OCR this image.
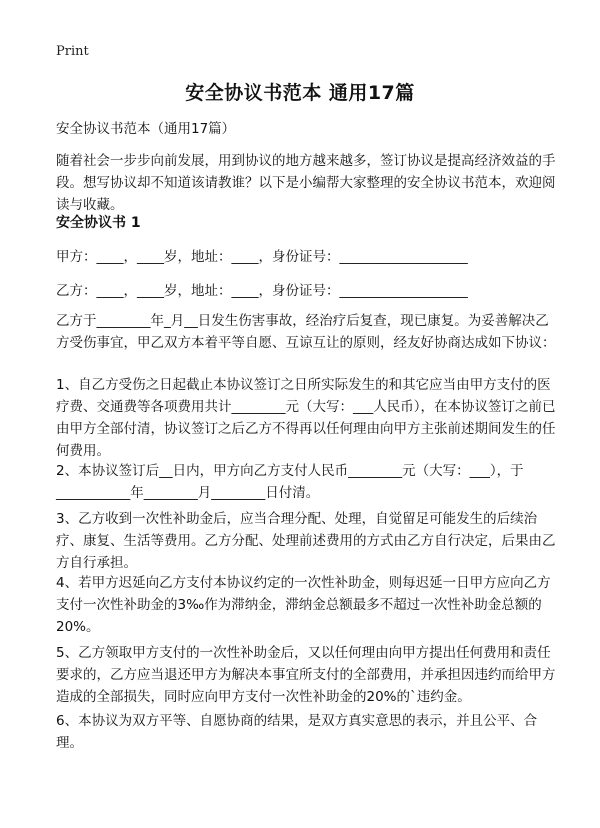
Print
安全协议书范本 通用17篇
安全协议书范本（通用17篇）
随着社会一步步向前发展，用到协议的地方越来越多，签订协议是提高经济效益的手段。想写协议却不知道该请教谁？以下是小编帮大家整理的安全协议书范本，欢迎阅读与收藏。
安全协议书 1
甲方：____，____岁，地址：____，身份证号：___________________
乙方：____，____岁，地址：____，身份证号：___________________
乙方于________年_月__日发生伤害事故，经治疗后复查，现已康复。为妥善解决乙方受伤事宜，甲乙双方本着平等自愿、互谅互让的原则，经友好协商达成如下协议：
1、自乙方受伤之日起截止本协议签订之日所实际发生的和其它应当由甲方支付的医疗费、交通费等各项费用共计________元（大写：___人民币），在本协议签订之前已由甲方全部付清，协议签订之后乙方不得再以任何理由向甲方主张前述期间发生的任何费用。
2、本协议签订后__日内，甲方向乙方支付人民币________元（大写：___），于___________年________月________日付清。
3、乙方收到一次性补助金后，应当合理分配、处理，自觉留足可能发生的后续治疗、康复、生活等费用。乙方分配、处理前述费用的方式由乙方自行决定，后果由乙方自行承担。
4、若甲方迟延向乙方支付本协议约定的一次性补助金，则每迟延一日甲方应向乙方支付一次性补助金的3‰作为滞纳金，滞纳金总额最多不超过一次性补助金总额的20%。
5、乙方领取甲方支付的一次性补助金后，又以任何理由向甲方提出任何费用和责任要求的，乙方应当退还甲方为解决本事宜所支付的全部费用，并承担因违约而给甲方造成的全部损失，同时应向甲方支付一次性补助金的20%的`违约金。
6、本协议为双方平等、自愿协商的结果，是双方真实意思的表示，并且公平、合理。
